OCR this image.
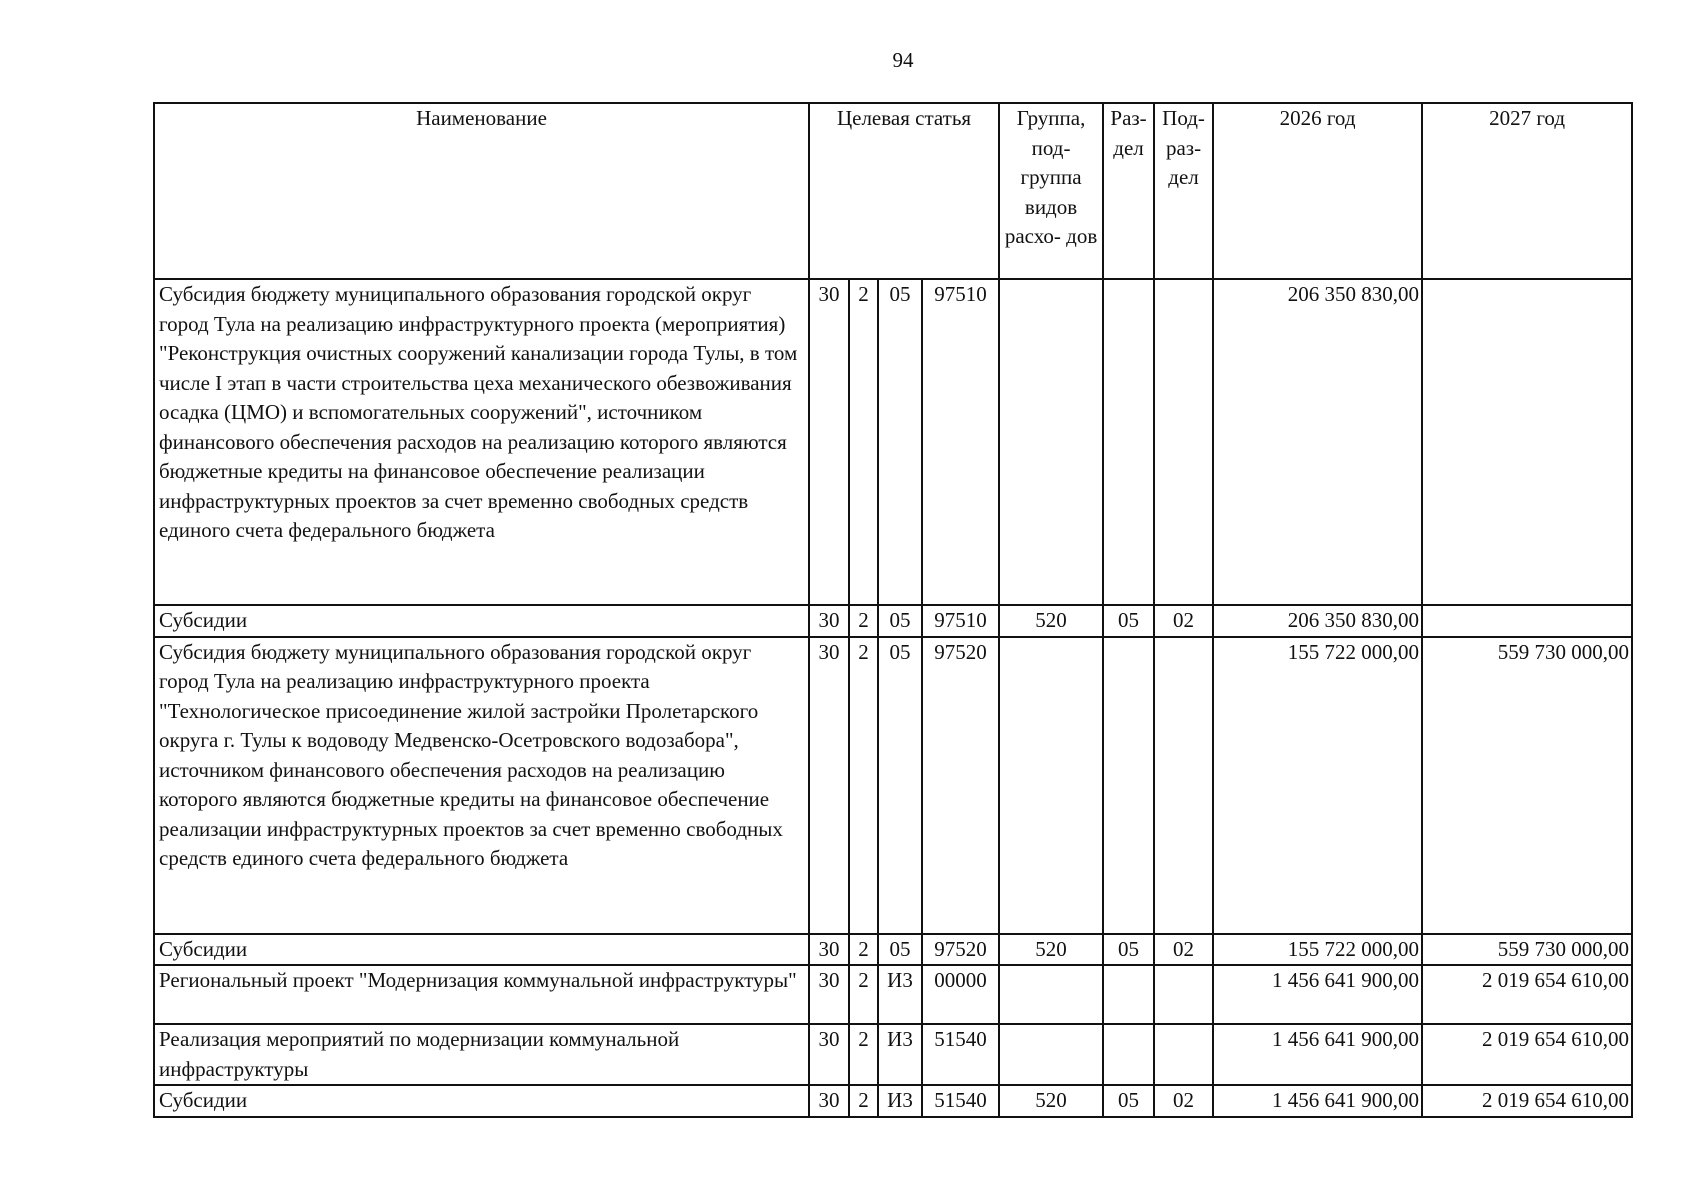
94
Наименование	Целевая статья				Группа, под- группа видов расхо- дов	Раз- дел	Под- раз- дел	2026 год	2027 год
Субсидия бюджету муниципального образования городской округ город Тула на реализацию инфраструктурного проекта (мероприятия) "Реконструкция очистных сооружений канализации города Тулы, в том числе I этап в части строительства цеха механического обезвоживания осадка (ЦМО) и вспомогательных сооружений", источником финансового обеспечения расходов на реализацию которого являются бюджетные кредиты на финансовое обеспечение реализации инфраструктурных проектов за счет временно свободных средств единого счета федерального бюджета	30	2	05	97510				206 350 830,00	
Субсидии	30	2	05	97510	520	05	02	206 350 830,00	
Субсидия бюджету муниципального образования городской округ город Тула на реализацию инфраструктурного проекта "Технологическое присоединение жилой застройки Пролетарского округа г. Тулы к водоводу Медвенско-Осетровского водозабора", источником финансового обеспечения расходов на реализацию которого являются бюджетные кредиты на финансовое обеспечение реализации инфраструктурных проектов за счет временно свободных средств единого счета федерального бюджета	30	2	05	97520				155 722 000,00	559 730 000,00
Субсидии	30	2	05	97520	520	05	02	155 722 000,00	559 730 000,00
Региональный проект "Модернизация коммунальной инфраструктуры"	30	2	И3	00000				1 456 641 900,00	2 019 654 610,00
Реализация мероприятий по модернизации коммунальной инфраструктуры	30	2	И3	51540				1 456 641 900,00	2 019 654 610,00
Субсидии	30	2	И3	51540	520	05	02	1 456 641 900,00	2 019 654 610,00
